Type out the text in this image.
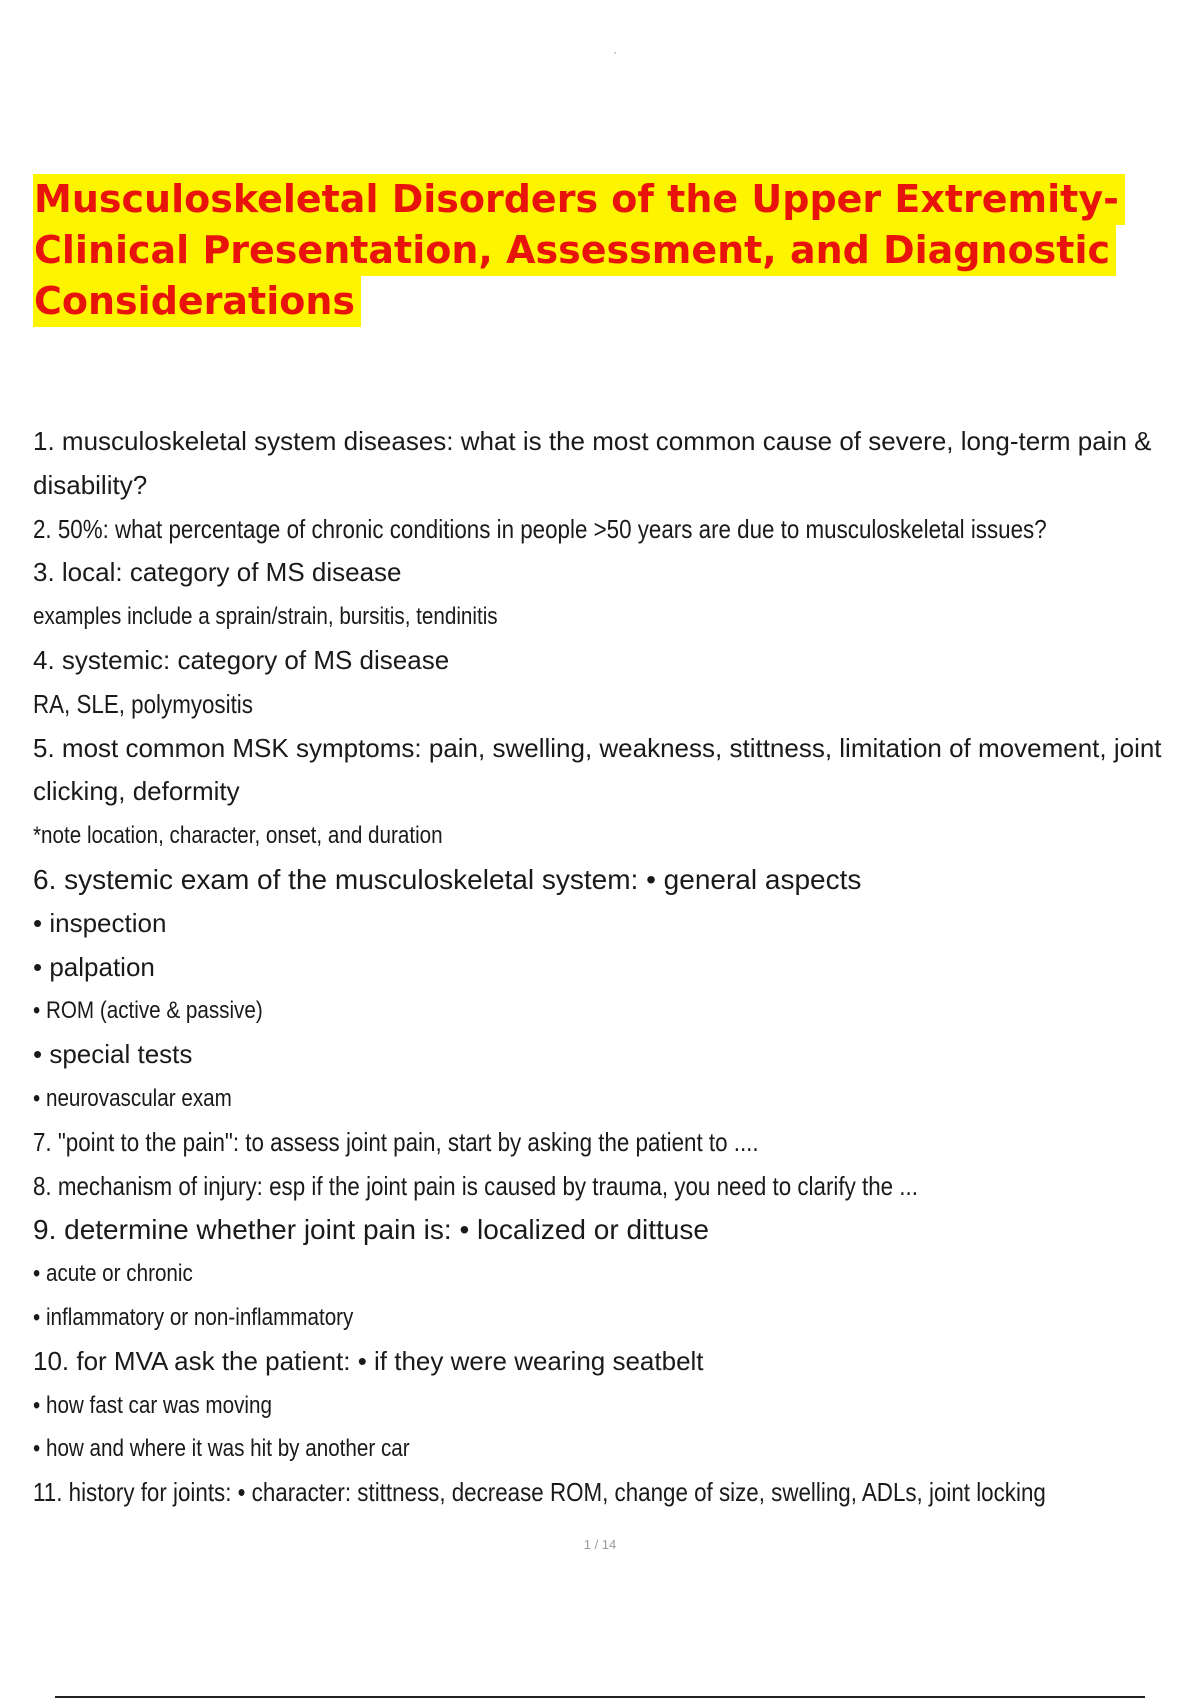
Musculoskeletal Disorders of the Upper Extremity-
Clinical Presentation, Assessment, and Diagnostic
Considerations
1. musculoskeletal system diseases: what is the most common cause of severe, long-term pain & disability?
2. 50%: what percentage of chronic conditions in people >50 years are due to musculoskeletal issues?
3. local: category of MS disease
examples include a sprain/strain, bursitis, tendinitis
4. systemic: category of MS disease
RA, SLE, polymyositis
5. most common MSK symptoms: pain, swelling, weakness, stittness, limitation of movement, joint clicking, deformity
*note location, character, onset, and duration
6. systemic exam of the musculoskeletal system: • general aspects
• inspection
• palpation
• ROM (active & passive)
• special tests
• neurovascular exam
7. "point to the pain": to assess joint pain, start by asking the patient to ....
8. mechanism of injury: esp if the joint pain is caused by trauma, you need to clarify the ...
9. determine whether joint pain is: • localized or dittuse
• acute or chronic
• inflammatory or non-inflammatory
10. for MVA ask the patient: • if they were wearing seatbelt
• how fast car was moving
• how and where it was hit by another car
11. history for joints: • character: stittness, decrease ROM, change of size, swelling, ADLs, joint locking
1 / 14
